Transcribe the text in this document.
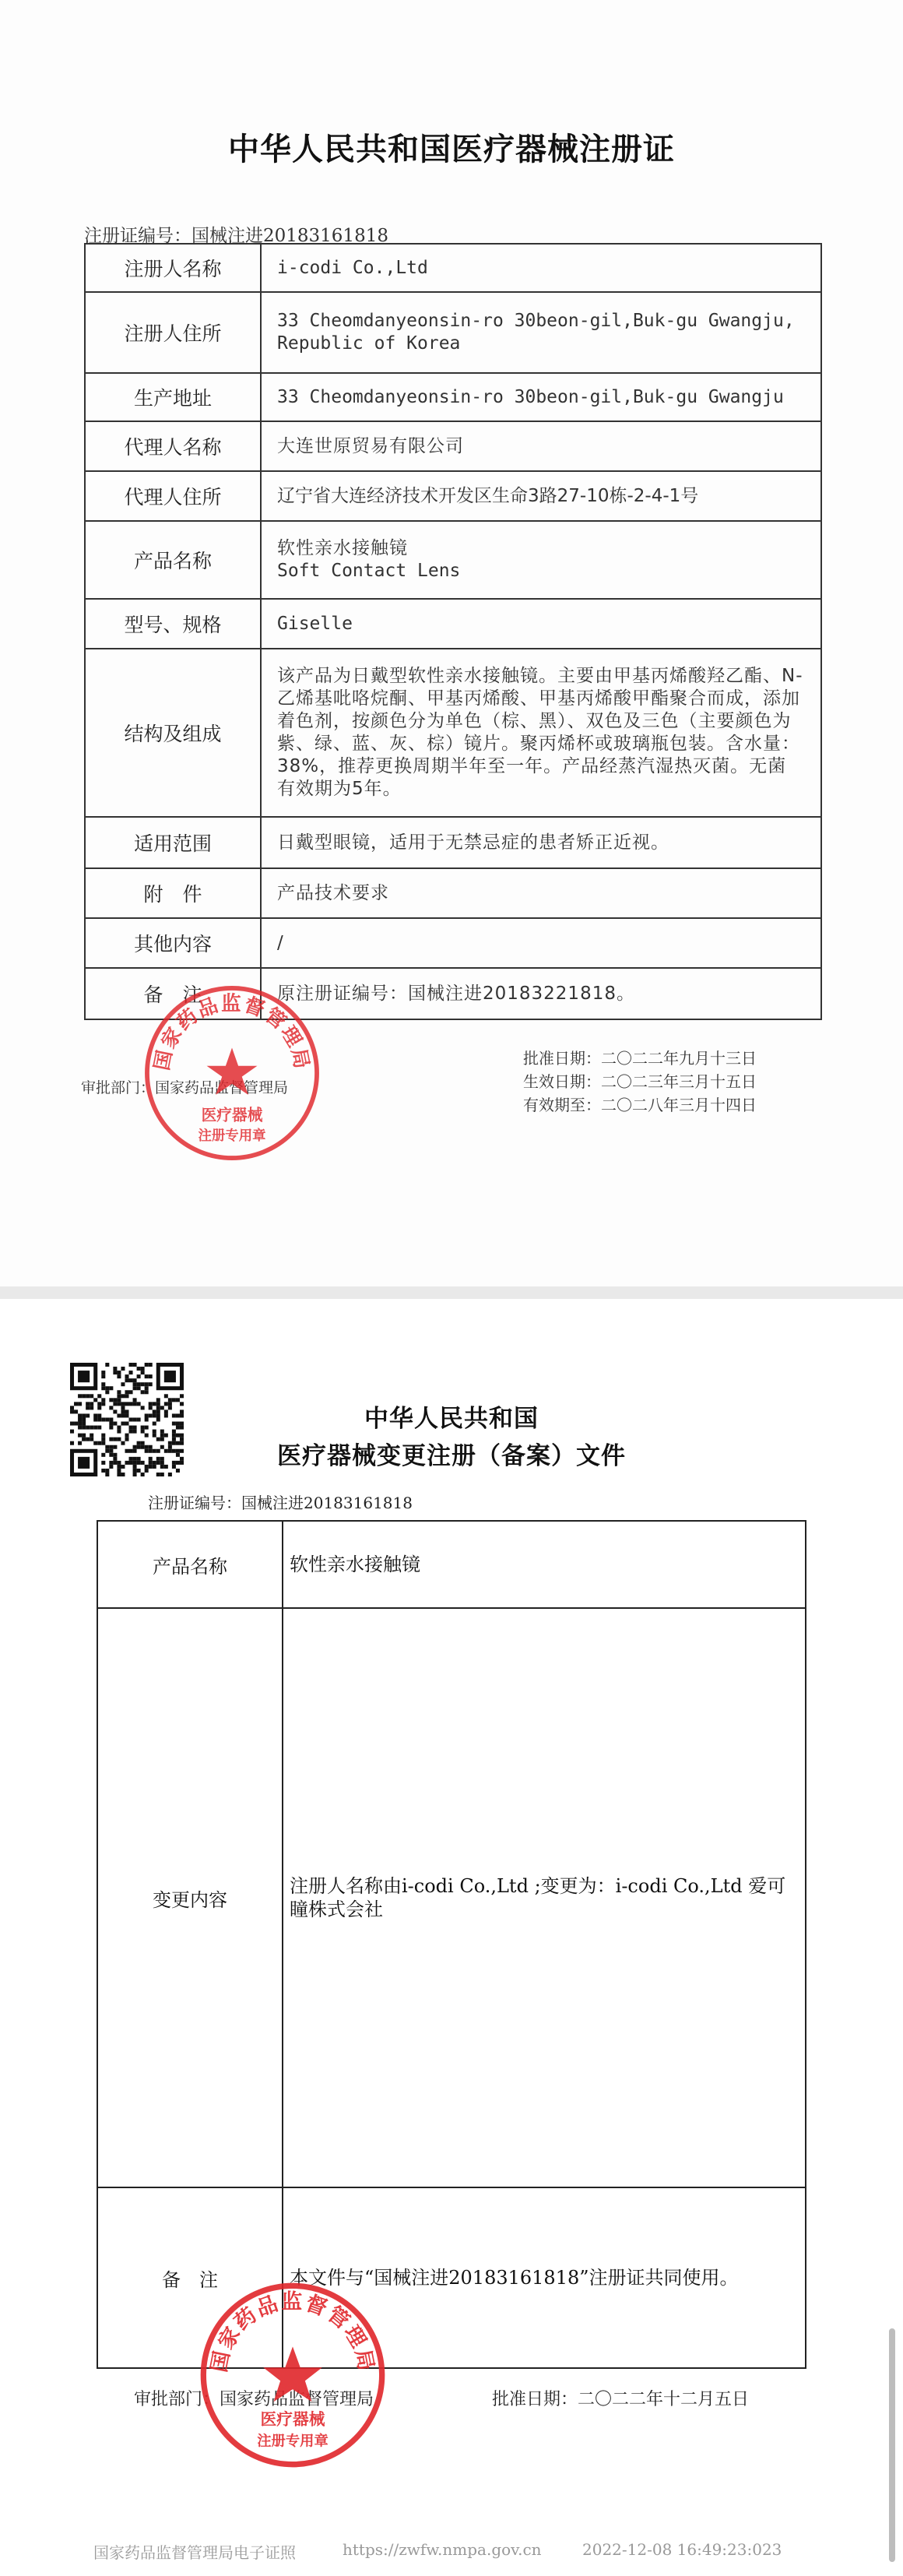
中华人民共和国医疗器械注册证
注册证编号：国械注进20183161818
注册人名称	i-codi Co.,Ltd
注册人住所	33 Cheomdanyeonsin-ro 30beon-gil,Buk-gu Gwangju, Republic of Korea
生产地址	33 Cheomdanyeonsin-ro 30beon-gil,Buk-gu Gwangju
代理人名称	大连世原贸易有限公司
代理人住所	辽宁省大连经济技术开发区生命3路27-10栋-2-4-1号
产品名称	软性亲水接触镜
Soft Contact Lens

型号、规格	Giselle
结构及组成	该产品为日戴型软性亲水接触镜。主要由甲基丙烯酸羟乙酯、N-乙烯基吡咯烷酮、甲基丙烯酸、甲基丙烯酸甲酯聚合而成，添加着色剂，按颜色分为单色（棕、黑）、双色及三色（主要颜色为紫、绿、蓝、灰、棕）镜片。聚丙烯杯或玻璃瓶包装。含水量：38%，推荐更换周期半年至一年。产品经蒸汽湿热灭菌。无菌有效期为5年。
适用范围	日戴型眼镜，适用于无禁忌症的患者矫正近视。
附　件	产品技术要求
其他内容	/
备　注	原注册证编号：国械注进20183221818。
审批部门：国家药品监督管理局
批准日期：二〇二二年九月十三日
生效日期：二〇二三年三月十五日
有效期至：二〇二八年三月十四日
国家药品监督管理局
医疗器械
注册专用章
中华人民共和国
医疗器械变更注册（备案）文件
注册证编号：国械注进20183161818
产品名称	软性亲水接触镜
变更内容	注册人名称由i-codi Co.,Ltd ;变更为：i-codi Co.,Ltd 爱可瞳株式会社
备　注	本文件与“国械注进20183161818”注册证共同使用。
审批部门：国家药品监督管理局	批准日期：二〇二二年十二月五日
国家药品监督管理局
医疗器械
注册专用章
国家药品监督管理局电子证照	https://zwfw.nmpa.gov.cn	2022-12-08 16:49:23:023
